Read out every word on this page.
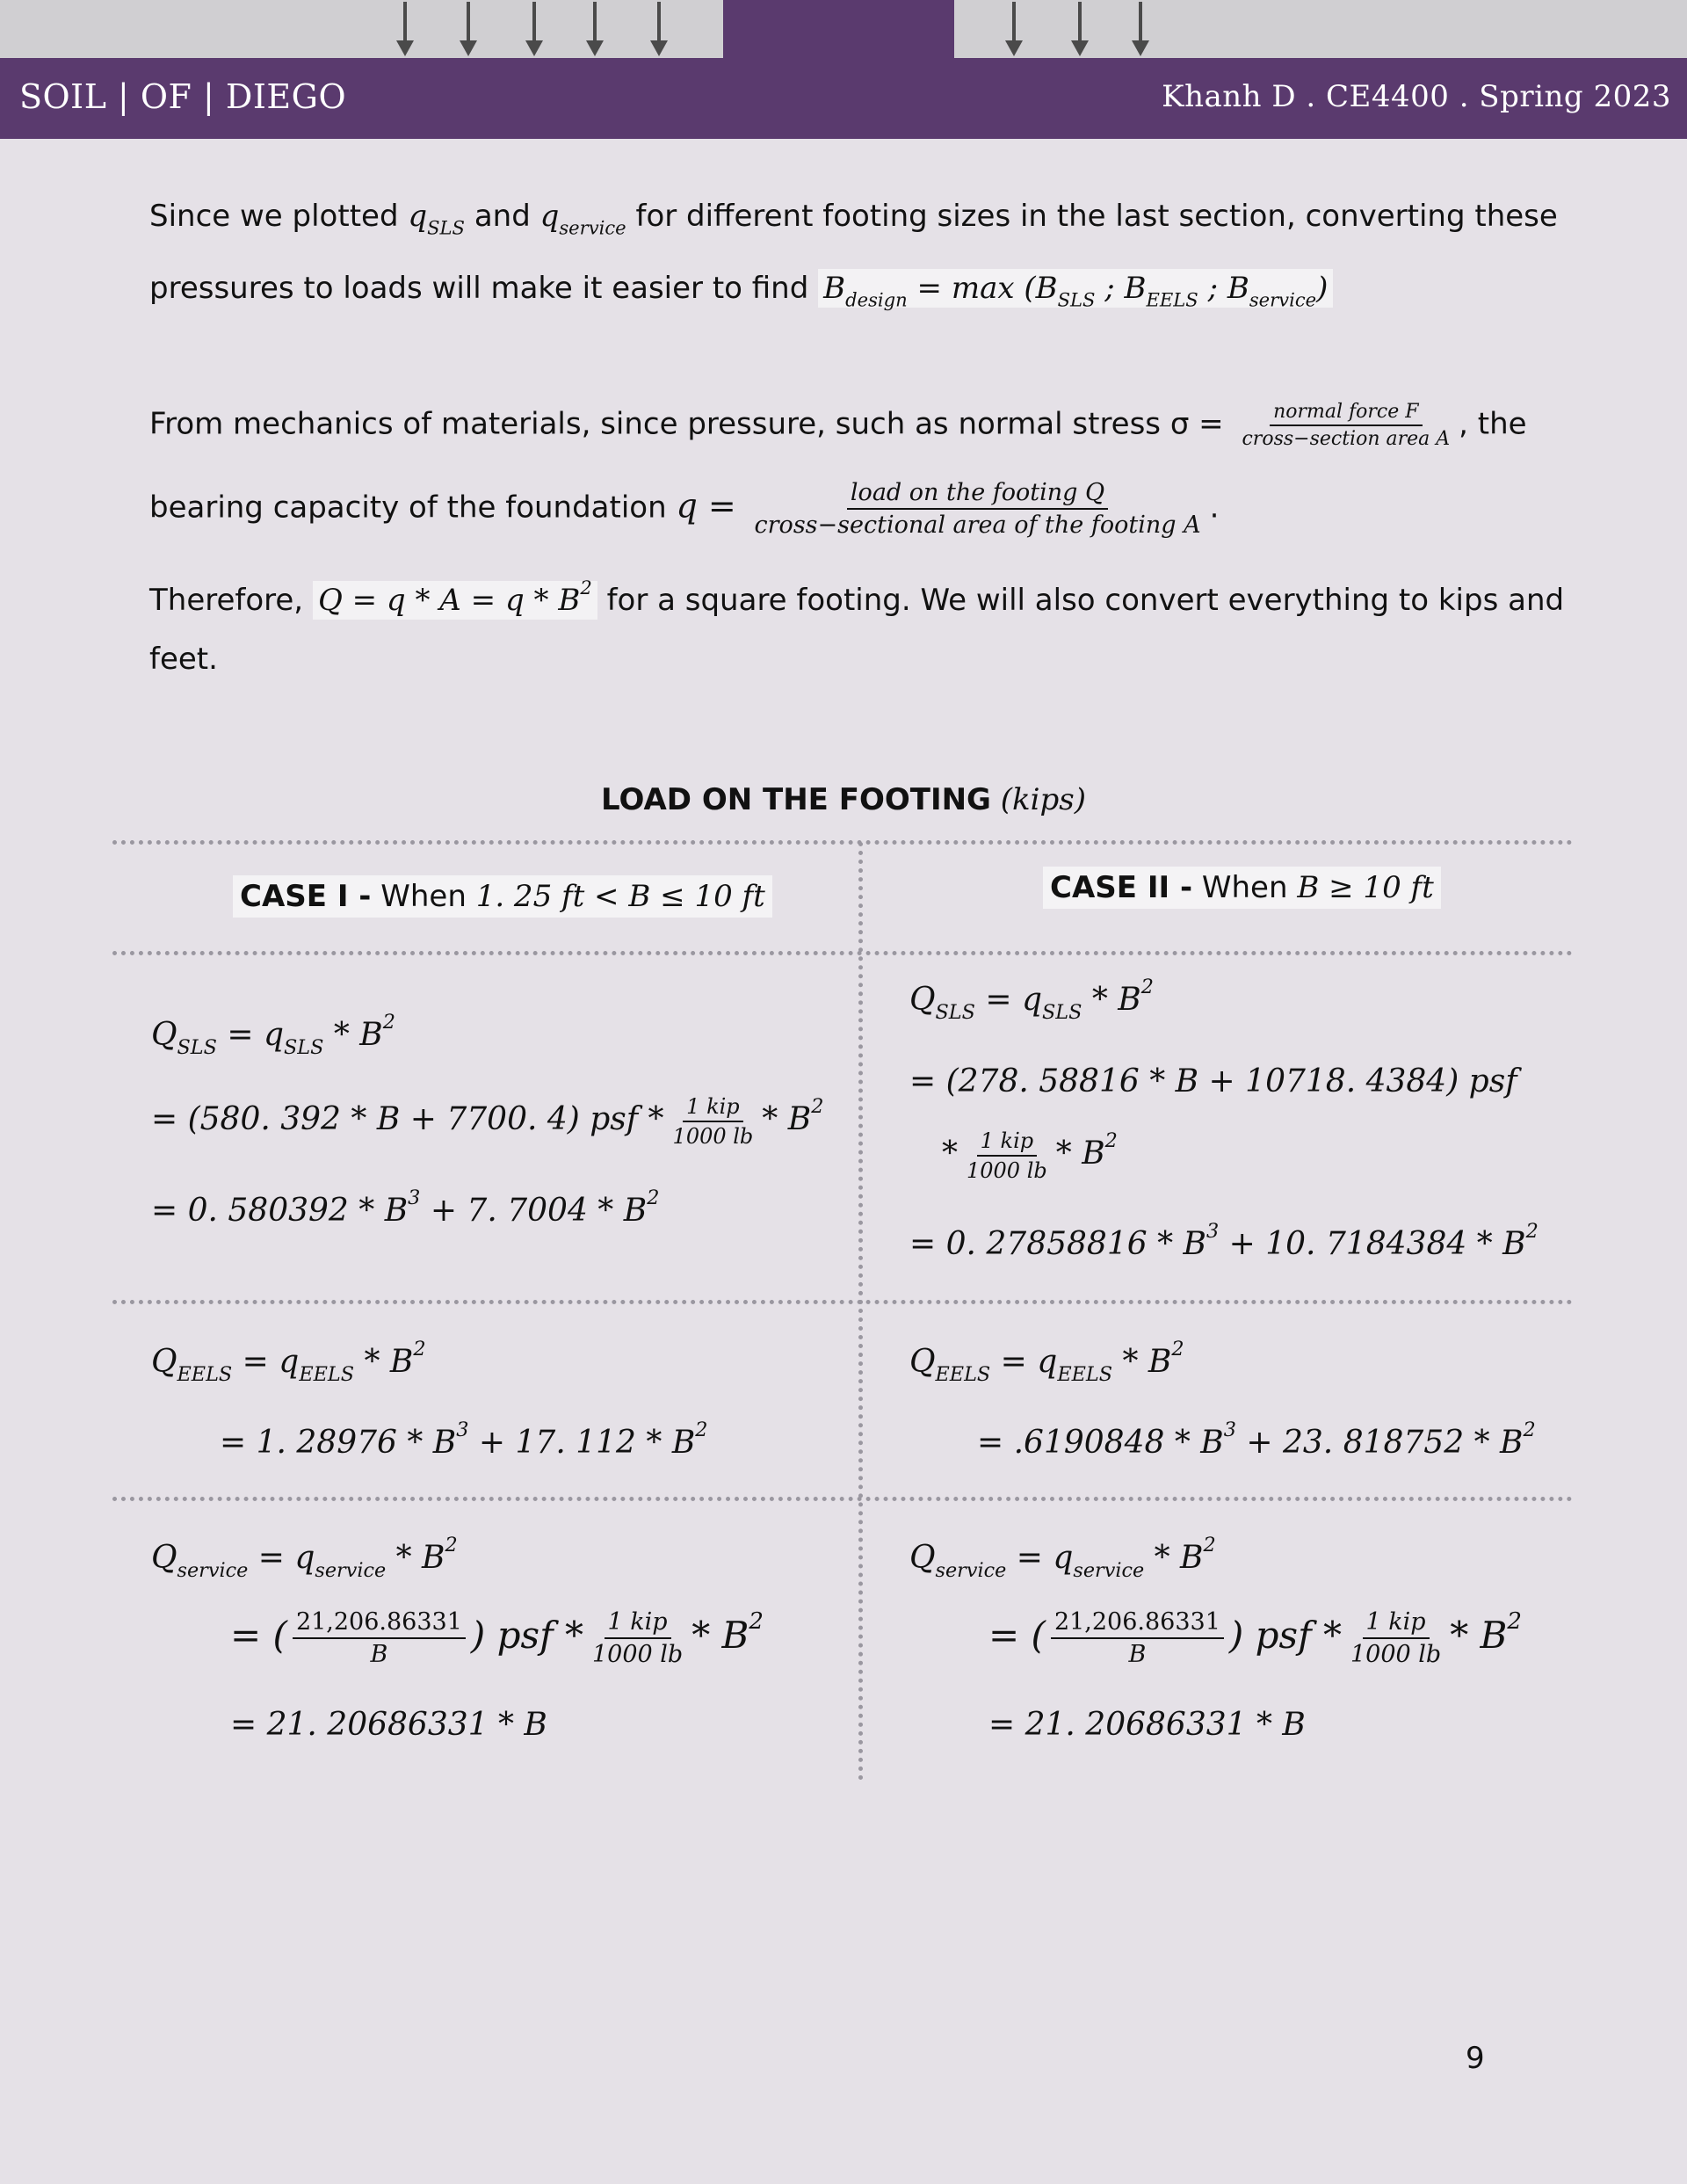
SOIL | OF | DIEGO	Khanh D . CE4400 . Spring 2023
Since we plotted $q_{SLS}$ and $q_{service}$ for different footing sizes in the last section, converting these
pressures to loads will make it easier to find $B_{design} = \max (B_{SLS}$ ; $B_{EELS}$ ; $B_{service}$)
From mechanics of materials, since pressure, such as normal stress $\sigma = \frac{\text{normal force F}}{\text{cross−section area A}}$ , the
bearing capacity of the foundation $q = \frac{\text{load on the footing Q}}{\text{cross−sectional area of the footing A}}$ .
Therefore, $Q = q * A = q * B^2$ for a square footing. We will also convert everything to kips and
feet.
LOAD ON THE FOOTING (kips)
CASE I - When 1. 25 ft < B ≤ 10 ft	CASE II - When B ≥ 10 ft
$Q_{SLS} = q_{SLS} * B^2$
= (580. 392 * B + 7700. 4) psf * $\frac{\text{1 kip}}{1000 lb} * B^2$
= 0. $580392 * B^3 + 7$. $7004 * B^2$
$Q_{SLS} = q_{SLS} * B^2$
= (278. 58816 * B + 10718. 4384) psf
* $\frac{\text{1 kip}}{1000 lb} * B^2$
= 0. $27858816 * B^3 + 10$. $7184384 * B^2$
$Q_{EELS} = q_{EELS} * B^2$
= 1. $28976 * B^3 + 17$. $112 * B^2$
$Q_{EELS} = q_{EELS} * B^2$
= $.6190848 * B^3 + 23$. $818752 * B^2$
$Q_{service} = q_{service} * B^2$
= ( $\frac{21,206.86331}{B}$ ) psf * $\frac{\text{1 kip}}{1000 lb} * B^2$
= 21. 20686331 * B
$Q_{service} = q_{service} * B^2$
= ( $\frac{21,206.86331}{B}$ ) psf * $\frac{\text{1 kip}}{1000 lb} * B^2$
= 21. 20686331 * B
9
